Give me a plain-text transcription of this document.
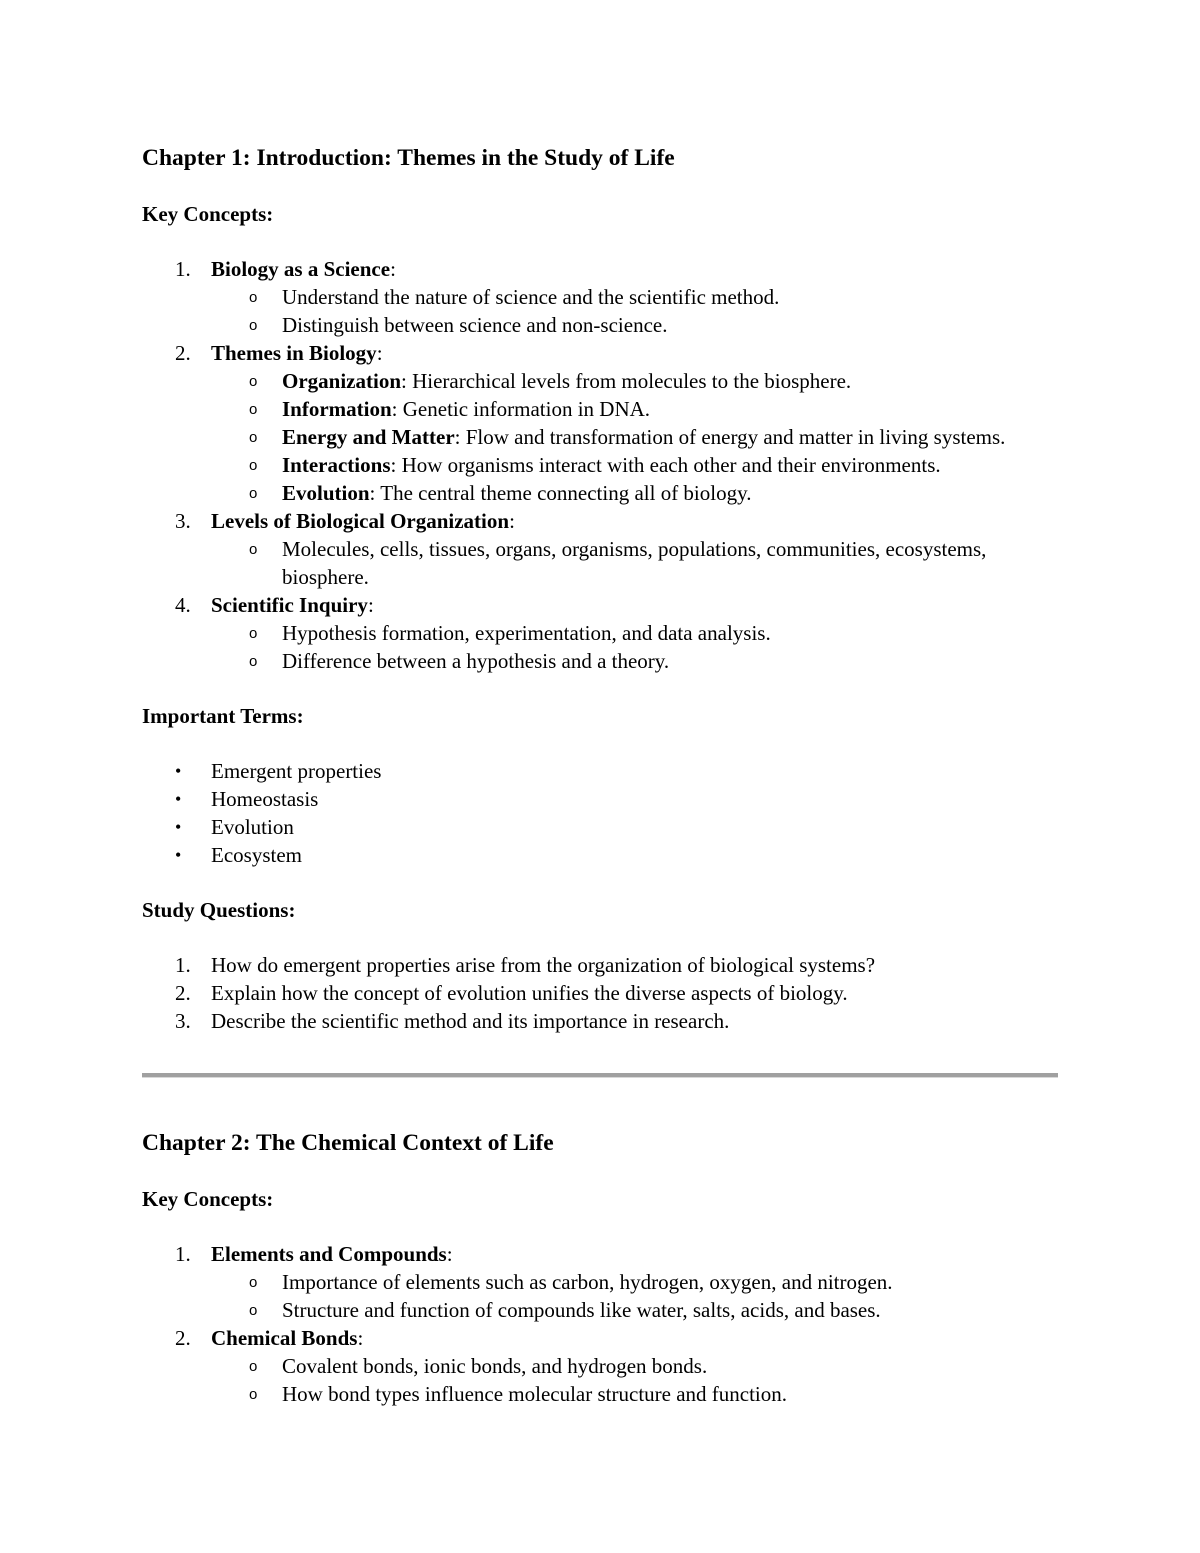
Chapter 1: Introduction: Themes in the Study of Life
Key Concepts:
1. Biology as a Science:
o Understand the nature of science and the scientific method.
o Distinguish between science and non-science.
2. Themes in Biology:
o Organization: Hierarchical levels from molecules to the biosphere.
o Information: Genetic information in DNA.
o Energy and Matter: Flow and transformation of energy and matter in living systems.
o Interactions: How organisms interact with each other and their environments.
o Evolution: The central theme connecting all of biology.
3. Levels of Biological Organization:
o Molecules, cells, tissues, organs, organisms, populations, communities, ecosystems, biosphere.
4. Scientific Inquiry:
o Hypothesis formation, experimentation, and data analysis.
o Difference between a hypothesis and a theory.
Important Terms:
• Emergent properties
• Homeostasis
• Evolution
• Ecosystem
Study Questions:
1. How do emergent properties arise from the organization of biological systems?
2. Explain how the concept of evolution unifies the diverse aspects of biology.
3. Describe the scientific method and its importance in research.
Chapter 2: The Chemical Context of Life
Key Concepts:
1. Elements and Compounds:
o Importance of elements such as carbon, hydrogen, oxygen, and nitrogen.
o Structure and function of compounds like water, salts, acids, and bases.
2. Chemical Bonds:
o Covalent bonds, ionic bonds, and hydrogen bonds.
o How bond types influence molecular structure and function.
